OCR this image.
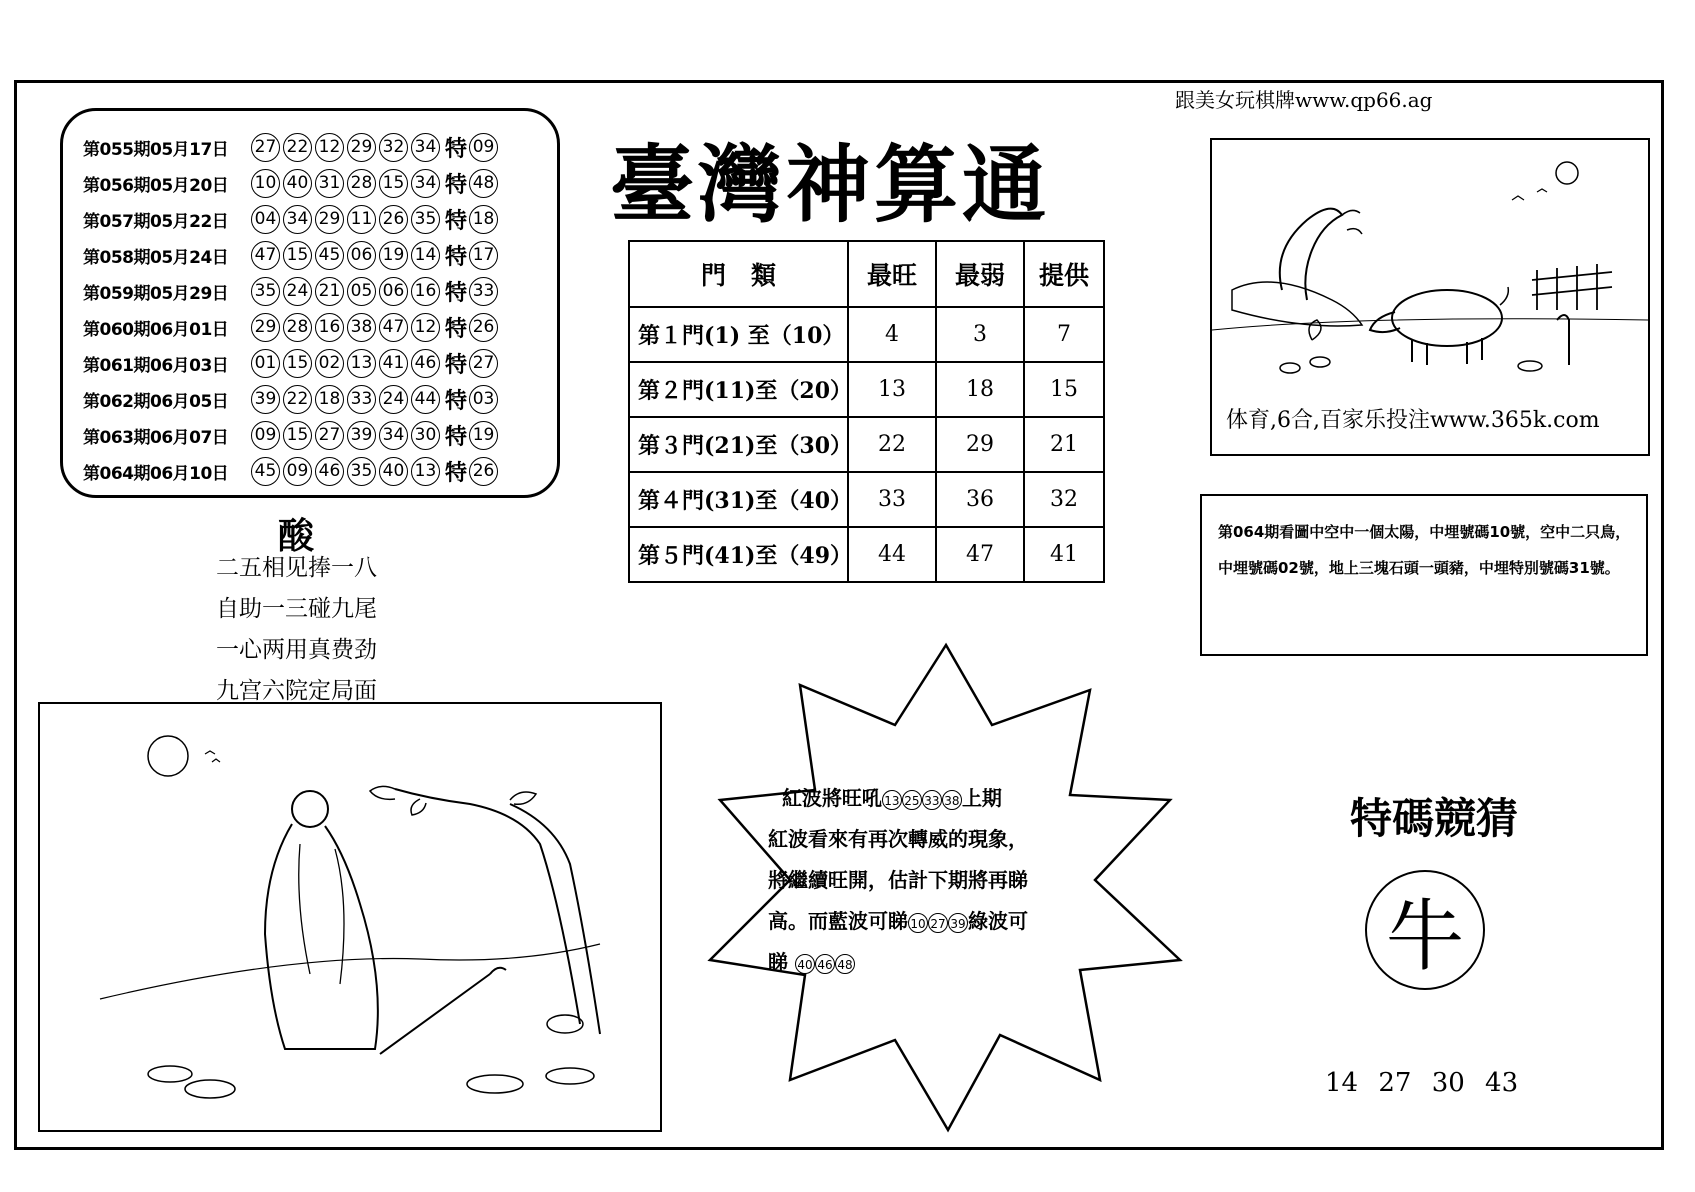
跟美女玩棋牌www.qp66.ag
第055期05月17日	27 22 12 29 32 34 特 09
第056期05月20日	10 40 31 28 15 34 特 48
第057期05月22日	04 34 29 11 26 35 特 18
第058期05月24日	47 15 45 06 19 14 特 17
第059期05月29日	35 24 21 05 06 16 特 33
第060期06月01日	29 28 16 38 47 12 特 26
第061期06月03日	01 15 02 13 41 46 特 27
第062期06月05日	39 22 18 33 24 44 特 03
第063期06月07日	09 15 27 39 34 30 特 19
第064期06月10日	45 09 46 35 40 13 特 26
酸
二五相见捧一八
自助一三碰九尾
一心两用真费劲
九宫六院定局面
臺灣神算通
門　類	最旺	最弱	提供
第１門(1) 至（10）	4	3	7
第２門(11)至（20）	13	18	15
第３門(21)至（30）	22	29	21
第４門(31)至（40）	33	36	32
第５門(41)至（49）	44	47	41
体育,6合,百家乐投注www.365k.com
第064期看圖中空中一個太陽，中埋號碼10號，空中二只鳥，中埋號碼02號，地上三塊石頭一頭豬，中埋特別號碼31號。
紅波將旺吼 13 25 33 38 上期
紅波看來有再次轉威的現象，
將繼續旺開，估計下期將再睇
高。而藍波可睇 10 27 39 綠波可
睇 40 46 48
特碼競猜
牛
14 27 30 43
